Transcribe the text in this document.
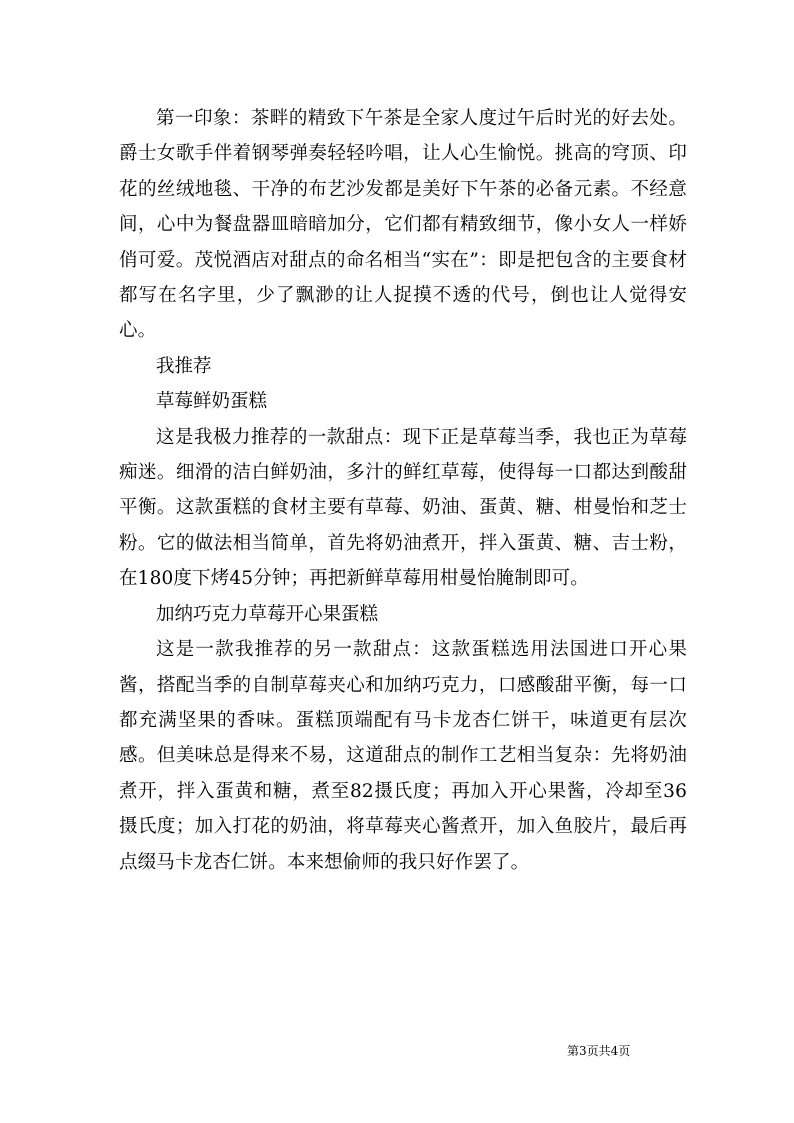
第一印象：茶畔的精致下午茶是全家人度过午后时光的好去处。爵士女歌手伴着钢琴弹奏轻轻吟唱，让人心生愉悦。挑高的穹顶、印花的丝绒地毯、干净的布艺沙发都是美好下午茶的必备元素。不经意间，心中为餐盘器皿暗暗加分，它们都有精致细节，像小女人一样娇俏可爱。茂悦酒店对甜点的命名相当“实在”：即是把包含的主要食材都写在名字里，少了飘渺的让人捉摸不透的代号，倒也让人觉得安心。

我推荐

草莓鲜奶蛋糕

这是我极力推荐的一款甜点：现下正是草莓当季，我也正为草莓痴迷。细滑的洁白鲜奶油，多汁的鲜红草莓，使得每一口都达到酸甜平衡。这款蛋糕的食材主要有草莓、奶油、蛋黄、糖、柑曼怡和芝士粉。它的做法相当简单，首先将奶油煮开，拌入蛋黄、糖、吉士粉，在180度下烤45分钟；再把新鲜草莓用柑曼怡腌制即可。

加纳巧克力草莓开心果蛋糕

这是一款我推荐的另一款甜点：这款蛋糕选用法国进口开心果酱，搭配当季的自制草莓夹心和加纳巧克力，口感酸甜平衡，每一口都充满坚果的香味。蛋糕顶端配有马卡龙杏仁饼干，味道更有层次感。但美味总是得来不易，这道甜点的制作工艺相当复杂：先将奶油煮开，拌入蛋黄和糖，煮至82摄氏度；再加入开心果酱，冷却至36摄氏度；加入打花的奶油，将草莓夹心酱煮开，加入鱼胶片，最后再点缀马卡龙杏仁饼。本来想偷师的我只好作罢了。

第3页共4页
